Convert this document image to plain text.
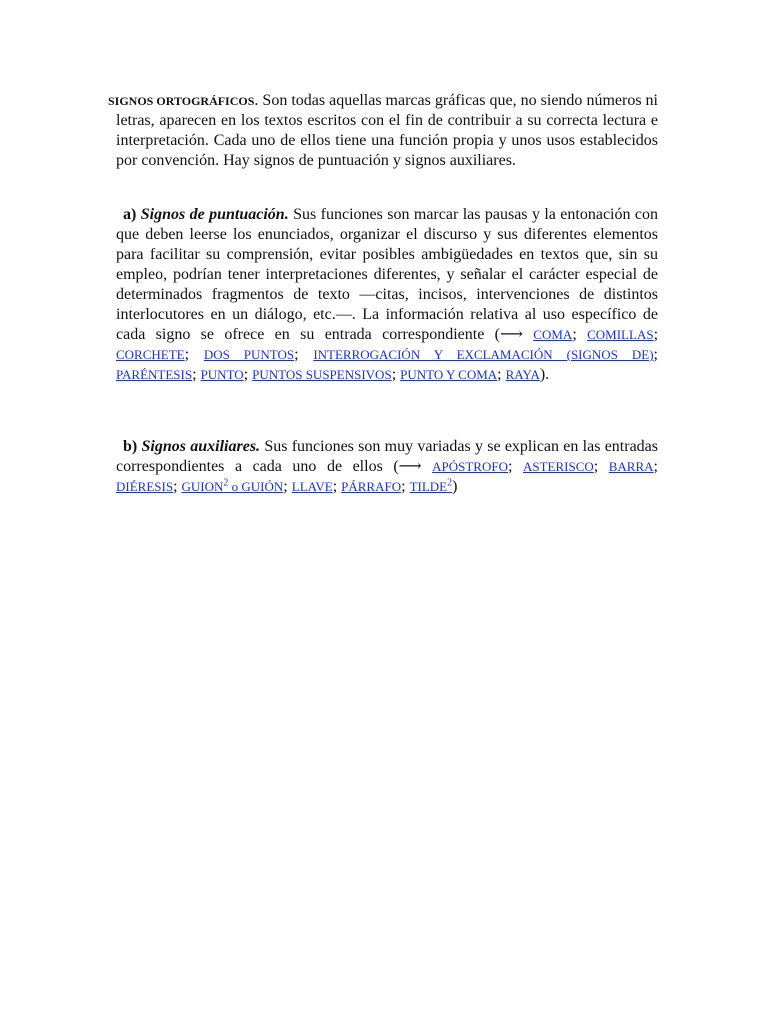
SIGNOS ORTOGRÁFICOS. Son todas aquellas marcas gráficas que, no siendo números ni letras, aparecen en los textos escritos con el fin de contribuir a su correcta lectura e interpretación. Cada uno de ellos tiene una función propia y unos usos establecidos por convención. Hay signos de puntuación y signos auxiliares.

a) Signos de puntuación. Sus funciones son marcar las pausas y la entonación con que deben leerse los enunciados, organizar el discurso y sus diferentes elementos para facilitar su comprensión, evitar posibles ambigüedades en textos que, sin su empleo, podrían tener interpretaciones diferentes, y señalar el carácter especial de determinados fragmentos de texto —citas, incisos, intervenciones de distintos interlocutores en un diálogo, etc.—. La información relativa al uso específico de cada signo se ofrece en su entrada correspondiente (⟶ COMA; COMILLAS; CORCHETE; DOS PUNTOS; INTERROGACIÓN Y EXCLAMACIÓN (SIGNOS DE); PARÉNTESIS; PUNTO; PUNTOS SUSPENSIVOS; PUNTO Y COMA; RAYA).

b) Signos auxiliares. Sus funciones son muy variadas y se explican en las entradas correspondientes a cada uno de ellos (⟶ APÓSTROFO; ASTERISCO; BARRA; DIÉRESIS; GUION$^2$ o GUIÓN; LLAVE; PÁRRAFO; TILDE$^2$)
